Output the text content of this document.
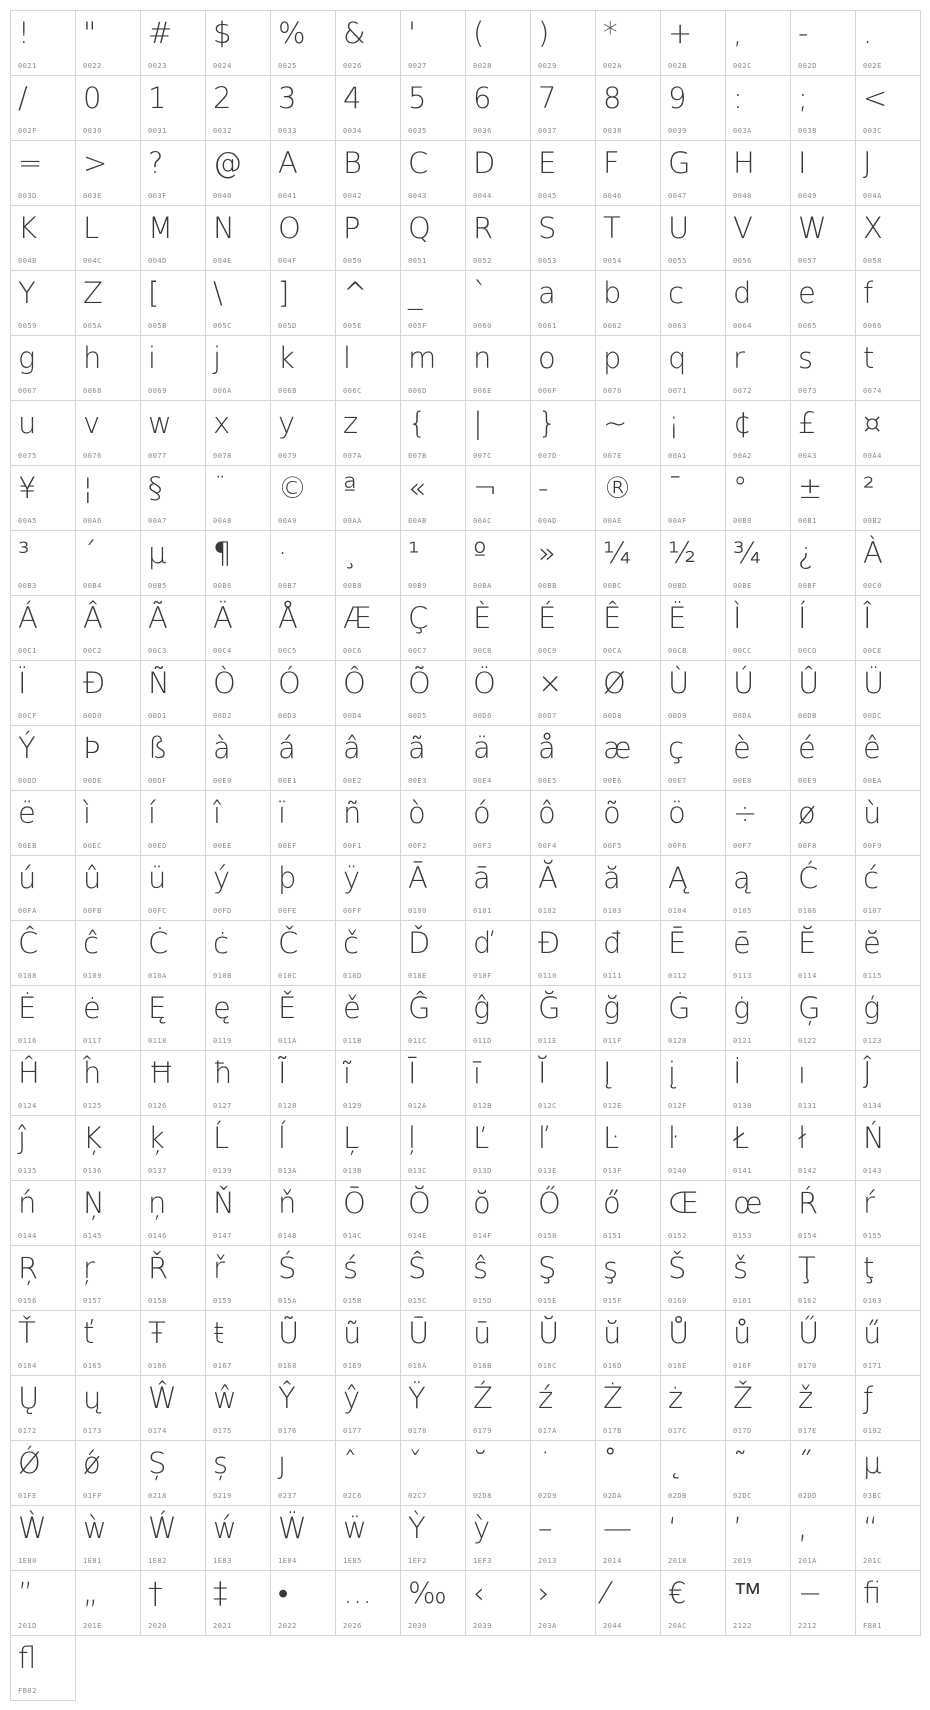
!
0021
"
0022
#
0023
$
0024
%
0025
&
0026
'
0027
(
0028
)
0029
*
002A
+
002B
,
002C
-
002D
.
002E
/
002F
0
0030
1
0031
2
0032
3
0033
4
0034
5
0035
6
0036
7
0037
8
0038
9
0039
:
003A
;
003B
<
003C
=
003D
>
003E
?
003F
@
0040
A
0041
B
0042
C
0043
D
0044
E
0045
F
0046
G
0047
H
0048
I
0049
J
004A
K
004B
L
004C
M
004D
N
004E
O
004F
P
0050
Q
0051
R
0052
S
0053
T
0054
U
0055
V
0056
W
0057
X
0058
Y
0059
Z
005A
[
005B
\
005C
]
005D
^
005E
_
005F
`
0060
a
0061
b
0062
c
0063
d
0064
e
0065
f
0066
g
0067
h
0068
i
0069
j
006A
k
006B
l
006C
m
006D
n
006E
o
006F
p
0070
q
0071
r
0072
s
0073
t
0074
u
0075
v
0076
w
0077
x
0078
y
0079
z
007A
{
007B
|
007C
}
007D
~
007E
¡
00A1
¢
00A2
£
00A3
¤
00A4
¥
00A5
¦
00A6
§
00A7
¨
00A8
©
00A9
ª
00AA
«
00AB
¬
00AC
-
00AD
®
00AE
¯
00AF
°
00B0
±
00B1
²
00B2
³
00B3
´
00B4
µ
00B5
¶
00B6
·
00B7
¸
00B8
¹
00B9
º
00BA
»
00BB
¼
00BC
½
00BD
¾
00BE
¿
00BF
À
00C0
Á
00C1
Â
00C2
Ã
00C3
Ä
00C4
Å
00C5
Æ
00C6
Ç
00C7
È
00C8
É
00C9
Ê
00CA
Ë
00CB
Ì
00CC
Í
00CD
Î
00CE
Ï
00CF
Ð
00D0
Ñ
00D1
Ò
00D2
Ó
00D3
Ô
00D4
Õ
00D5
Ö
00D6
×
00D7
Ø
00D8
Ù
00D9
Ú
00DA
Û
00DB
Ü
00DC
Ý
00DD
Þ
00DE
ß
00DF
à
00E0
á
00E1
â
00E2
ã
00E3
ä
00E4
å
00E5
æ
00E6
ç
00E7
è
00E8
é
00E9
ê
00EA
ë
00EB
ì
00EC
í
00ED
î
00EE
ï
00EF
ñ
00F1
ò
00F2
ó
00F3
ô
00F4
õ
00F5
ö
00F6
÷
00F7
ø
00F8
ù
00F9
ú
00FA
û
00FB
ü
00FC
ý
00FD
þ
00FE
ÿ
00FF
Ā
0100
ā
0101
Ă
0102
ă
0103
Ą
0104
ą
0105
Ć
0106
ć
0107
Ĉ
0108
ĉ
0109
Ċ
010A
ċ
010B
Č
010C
č
010D
Ď
010E
ď
010F
Đ
0110
đ
0111
Ē
0112
ē
0113
Ĕ
0114
ĕ
0115
Ė
0116
ė
0117
Ę
0118
ę
0119
Ě
011A
ě
011B
Ĝ
011C
ĝ
011D
Ğ
011E
ğ
011F
Ġ
0120
ġ
0121
Ģ
0122
ģ
0123
Ĥ
0124
ĥ
0125
Ħ
0126
ħ
0127
Ĩ
0128
ĩ
0129
Ī
012A
ī
012B
Ĭ
012C
Į
012E
į
012F
İ
0130
ı
0131
Ĵ
0134
ĵ
0135
Ķ
0136
ķ
0137
Ĺ
0139
ĺ
013A
Ļ
013B
ļ
013C
Ľ
013D
ľ
013E
Ŀ
013F
ŀ
0140
Ł
0141
ł
0142
Ń
0143
ń
0144
Ņ
0145
ņ
0146
Ň
0147
ň
0148
Ō
014C
Ŏ
014E
ŏ
014F
Ő
0150
ő
0151
Œ
0152
œ
0153
Ŕ
0154
ŕ
0155
Ŗ
0156
ŗ
0157
Ř
0158
ř
0159
Ś
015A
ś
015B
Ŝ
015C
ŝ
015D
Ş
015E
ş
015F
Š
0160
š
0161
Ţ
0162
ţ
0163
Ť
0164
ť
0165
Ŧ
0166
ŧ
0167
Ũ
0168
ũ
0169
Ū
016A
ū
016B
Ŭ
016C
ŭ
016D
Ů
016E
ů
016F
Ű
0170
ű
0171
Ų
0172
ų
0173
Ŵ
0174
ŵ
0175
Ŷ
0176
ŷ
0177
Ÿ
0178
Ź
0179
ź
017A
Ż
017B
ż
017C
Ž
017D
ž
017E
ƒ
0192
Ǿ
01FE
ǿ
01FF
Ș
0218
ș
0219
ȷ
0237
ˆ
02C6
ˇ
02C7
˘
02D8
˙
02D9
˚
02DA
˛
02DB
˜
02DC
˝
02DD
μ
03BC
Ẁ
1E80
ẁ
1E81
Ẃ
1E82
ẃ
1E83
Ẅ
1E84
ẅ
1E85
Ỳ
1EF2
ỳ
1EF3
–
2013
—
2014
‘
2018
’
2019
‚
201A
“
201C
”
201D
„
201E
†
2020
‡
2021
•
2022
…
2026
‰
2030
‹
2039
›
203A
⁄
2044
€
20AC
™
2122
−
2212
ﬁ
FB01
ﬂ
FB02
